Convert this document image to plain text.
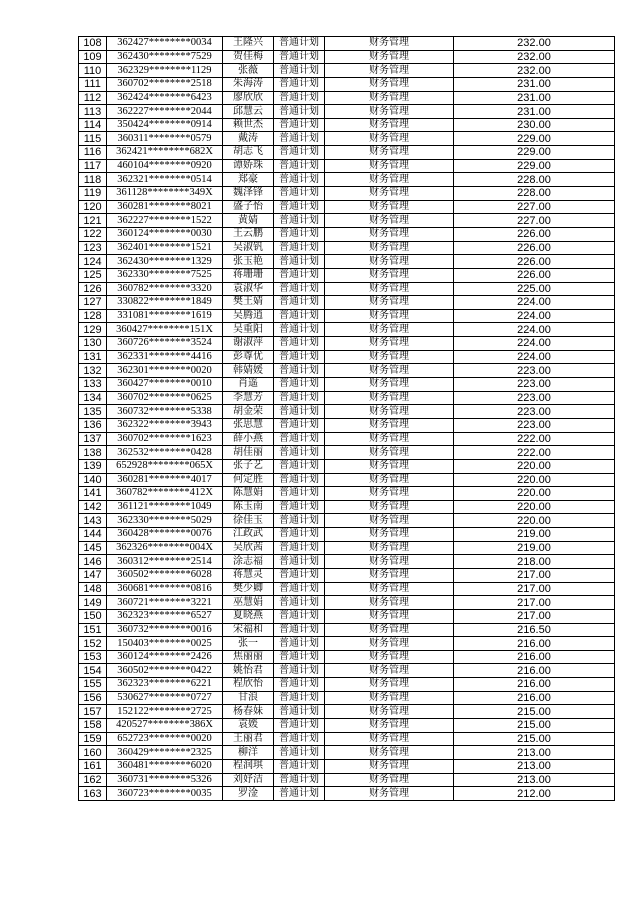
108	362427********0034	王隆兴	普通计划	财务管理	232.00
109	362430********7529	贺佳梅	普通计划	财务管理	232.00
110	362329********1129	张薇	普通计划	财务管理	232.00
111	360702********2518	朱海涛	普通计划	财务管理	231.00
112	362424********6423	廖欣欣	普通计划	财务管理	231.00
113	362227********2044	邱慧云	普通计划	财务管理	231.00
114	350424********0914	赖世杰	普通计划	财务管理	230.00
115	360311********0579	戴涛	普通计划	财务管理	229.00
116	362421********682X	胡志飞	普通计划	财务管理	229.00
117	460104********0920	谭娇珠	普通计划	财务管理	229.00
118	362321********0514	郑豪	普通计划	财务管理	228.00
119	361128********349X	魏泽锋	普通计划	财务管理	228.00
120	360281********8021	盛子怡	普通计划	财务管理	227.00
121	362227********1522	黄婧	普通计划	财务管理	227.00
122	360124********0030	王云鹏	普通计划	财务管理	226.00
123	362401********1521	吴淑钒	普通计划	财务管理	226.00
124	362430********1329	张玉艳	普通计划	财务管理	226.00
125	362330********7525	蒋珊珊	普通计划	财务管理	226.00
126	360782********3320	袁淑华	普通计划	财务管理	225.00
127	330822********1849	樊王婧	普通计划	财务管理	224.00
128	331081********1619	吴腾逍	普通计划	财务管理	224.00
129	360427********151X	吴重阳	普通计划	财务管理	224.00
130	360726********3524	谢淑萍	普通计划	财务管理	224.00
131	362331********4416	彭尊优	普通计划	财务管理	224.00
132	362301********0020	韩婧媛	普通计划	财务管理	223.00
133	360427********0010	肖遥	普通计划	财务管理	223.00
134	360702********0625	李慧芳	普通计划	财务管理	223.00
135	360732********5338	胡金荣	普通计划	财务管理	223.00
136	362322********3943	张思慧	普通计划	财务管理	223.00
137	360702********1623	薛小燕	普通计划	财务管理	222.00
138	362532********0428	胡佳丽	普通计划	财务管理	222.00
139	652928********065X	张子艺	普通计划	财务管理	220.00
140	360281********4017	何定胜	普通计划	财务管理	220.00
141	360782********412X	陈慧娟	普通计划	财务管理	220.00
142	361121********1049	陈玉南	普通计划	财务管理	220.00
143	362330********5029	徐佳玉	普通计划	财务管理	220.00
144	360428********0076	江政武	普通计划	财务管理	219.00
145	362326********004X	吴欣茜	普通计划	财务管理	219.00
146	360312********2514	涂志福	普通计划	财务管理	218.00
147	360502********6028	蒋慧灵	普通计划	财务管理	217.00
148	360681********0816	樊少卿	普通计划	财务管理	217.00
149	360721********3221	巫慧娟	普通计划	财务管理	217.00
150	362323********6527	夏晓燕	普通计划	财务管理	217.00
151	360732********0016	宋福和	普通计划	财务管理	216.50
152	150403********0025	张一	普通计划	财务管理	216.00
153	360124********2426	焦丽丽	普通计划	财务管理	216.00
154	360502********0422	姚怡君	普通计划	财务管理	216.00
155	362323********6221	程欣怡	普通计划	财务管理	216.00
156	530627********0727	甘浪	普通计划	财务管理	216.00
157	152122********2725	杨春妹	普通计划	财务管理	215.00
158	420527********386X	袁媛	普通计划	财务管理	215.00
159	652723********0020	王丽君	普通计划	财务管理	215.00
160	360429********2325	柳洋	普通计划	财务管理	213.00
161	360481********6020	程润琪	普通计划	财务管理	213.00
162	360731********5326	刘妤洁	普通计划	财务管理	213.00
163	360723********0035	罗淦	普通计划	财务管理	212.00
